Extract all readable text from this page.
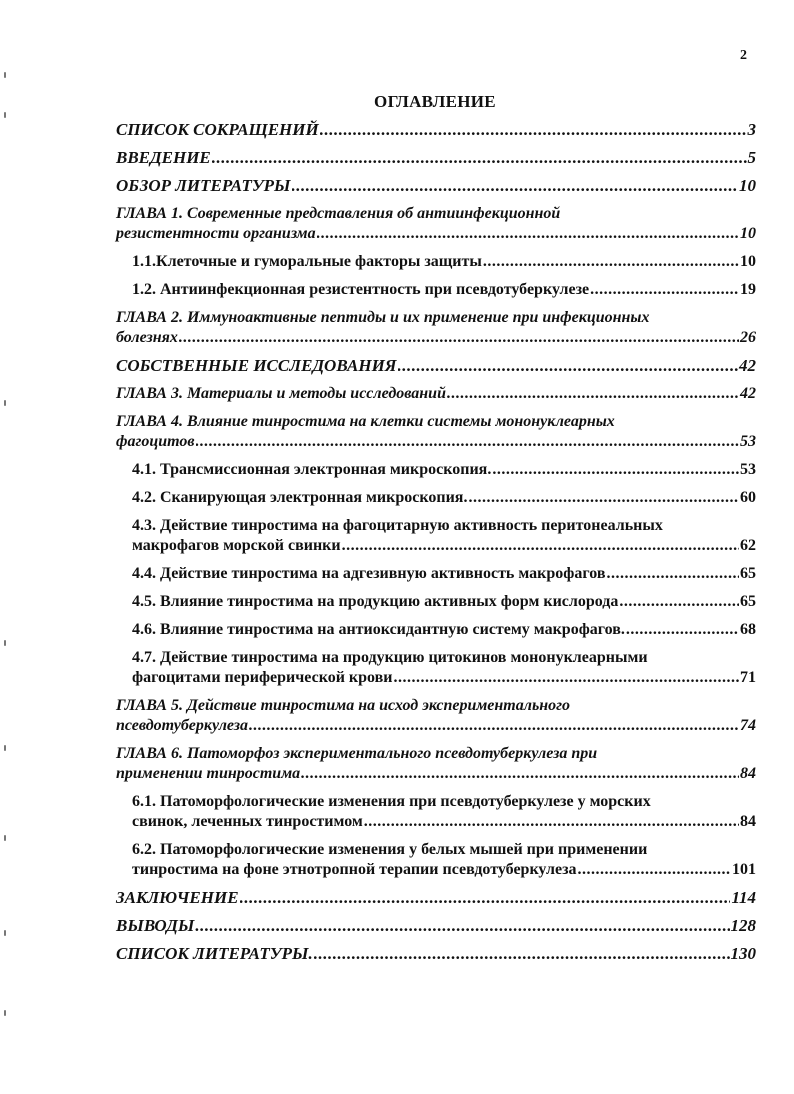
2
ОГЛАВЛЕНИЕ
СПИСОК СОКРАЩЕНИЙ .....	3
ВВЕДЕНИЕ .....	5
ОБЗОР ЛИТЕРАТУРЫ .....	10
ГЛАВА 1. Современные представления об антиинфекционной
резистентности организма .....	10
1.1.Клеточные и гуморальные факторы защиты .....	10
1.2. Антиинфекционная резистентность при псевдотуберкулезе .....	19
ГЛАВА 2. Иммуноактивные пептиды и их применение при инфекционных
болезнях .....	26
СОБСТВЕННЫЕ ИССЛЕДОВАНИЯ .....	42
ГЛАВА 3. Материалы и методы исследований .....	42
ГЛАВА 4. Влияние тинростима на клетки системы мононуклеарных
фагоцитов .....	53
4.1. Трансмиссионная электронная микроскопия. .....	53
4.2. Сканирующая электронная микроскопия. .....	60
4.3. Действие тинростима на фагоцитарную активность перитонеальных
макрофагов морской свинки .....	62
4.4. Действие тинростима на адгезивную активность макрофагов .....	65
4.5. Влияние тинростима на продукцию активных форм кислорода .....	65
4.6. Влияние тинростима на антиоксидантную систему макрофагов. .....	68
4.7. Действие тинростима на продукцию цитокинов мононуклеарными
фагоцитами периферической крови .....	71
ГЛАВА 5. Действие тинростима на исход экспериментального
псевдотуберкулеза .....	74
ГЛАВА 6. Патоморфоз экспериментального псевдотуберкулеза при
применении тинростима .....	84
6.1. Патоморфологические изменения при псевдотуберкулезе у морских
свинок, леченных тинростимом .....	84
6.2. Патоморфологические изменения у белых мышей при применении
тинростима на фоне этнотропной терапии псевдотуберкулеза .....	101
ЗАКЛЮЧЕНИЕ .....	114
ВЫВОДЫ .....	128
СПИСОК ЛИТЕРАТУРЫ. .....	130
